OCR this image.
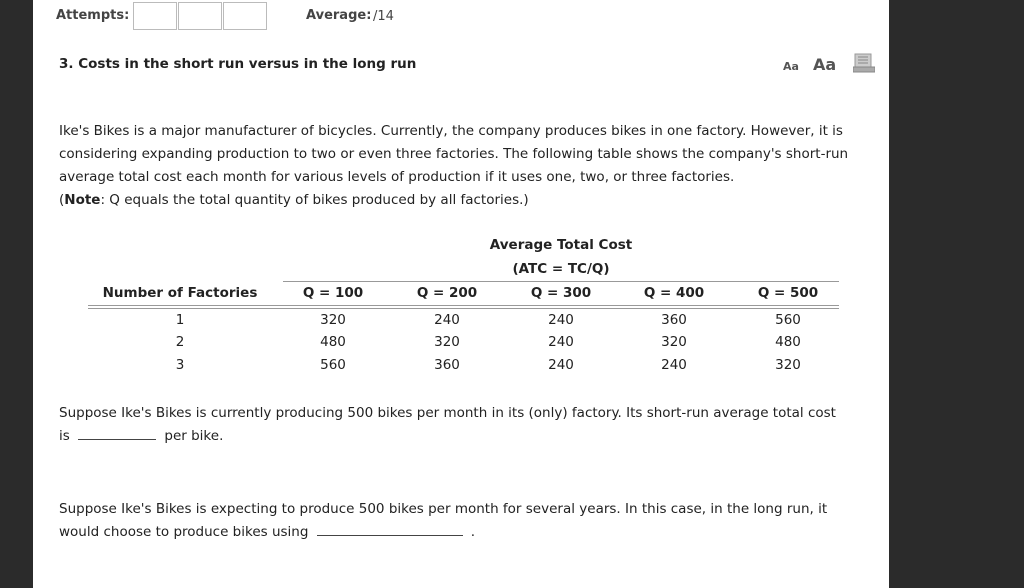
Attempts:	Average: /14
3. Costs in the short run versus in the long run	Aa Aa
Ike's Bikes is a major manufacturer of bicycles. Currently, the company produces bikes in one factory. However, it is considering expanding production to two or even three factories. The following table shows the company's short-run average total cost each month for various levels of production if it uses one, two, or three factories.
(Note: Q equals the total quantity of bikes produced by all factories.)
Average Total Cost
(ATC = TC/Q)
Number of Factories	Q = 100	Q = 200	Q = 300	Q = 400	Q = 500
1	320	240	240	360	560
2	480	320	240	320	480
3	560	360	240	240	320
Suppose Ike's Bikes is currently producing 500 bikes per month in its (only) factory. Its short-run average total cost is	per bike.
Suppose Ike's Bikes is expecting to produce 500 bikes per month for several years. In this case, in the long run, it would choose to produce bikes using	.
